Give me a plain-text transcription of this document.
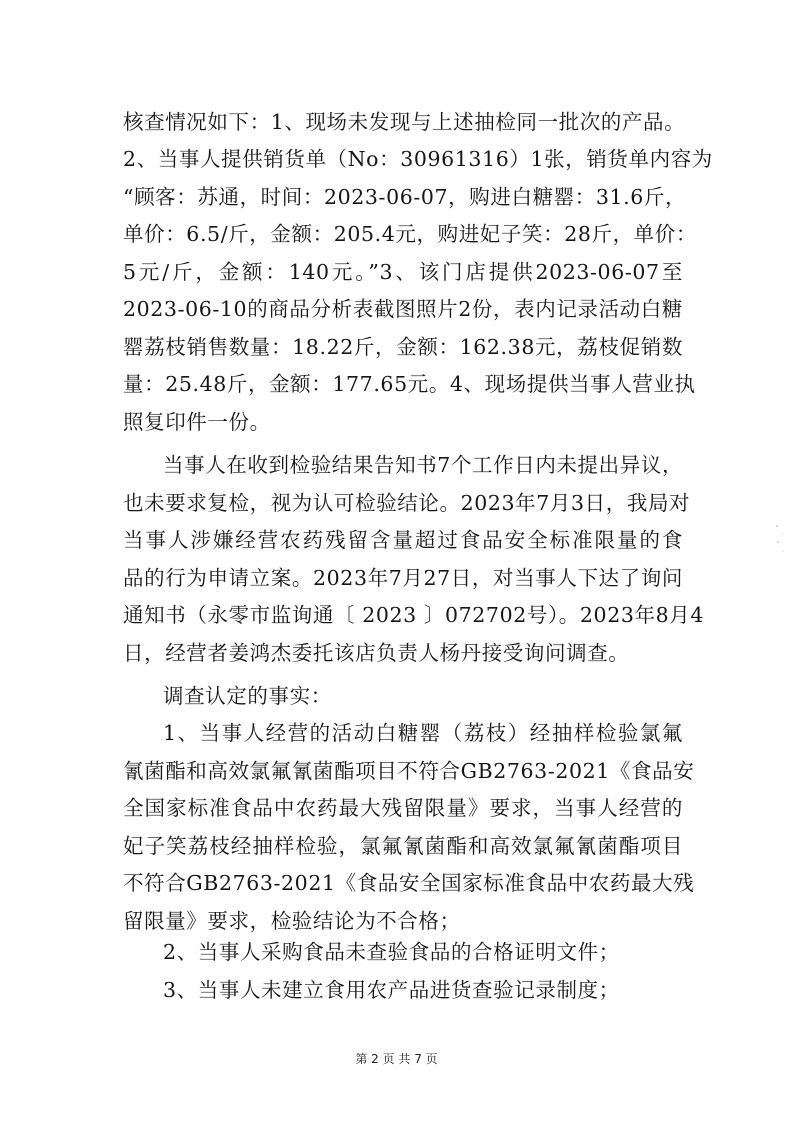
核查情况如下：1、现场未发现与上述抽检同一批次的产品。
2、当事人提供销货单（No：30961316）1张，销货单内容为
“顾客：苏通，时间：2023-06-07，购进白糖罂：31.6斤，
单价：6.5/斤，金额：205.4元，购进妃子笑：28斤，单价：
5元/斤，金额：140元。”3、该门店提供2023-06-07至
2023-06-10的商品分析表截图照片2份，表内记录活动白糖
罂荔枝销售数量：18.22斤，金额：162.38元，荔枝促销数
量：25.48斤，金额：177.65元。4、现场提供当事人营业执
照复印件一份。
当事人在收到检验结果告知书7个工作日内未提出异议，
也未要求复检，视为认可检验结论。2023年7月3日，我局对
当事人涉嫌经营农药残留含量超过食品安全标准限量的食
品的行为申请立案。2023年7月27日，对当事人下达了询问
通知书（永零市监询通〔 2023 〕072702号）。2023年8月4
日，经营者姜鸿杰委托该店负责人杨丹接受询问调查。
调查认定的事实：
1、当事人经营的活动白糖罂（荔枝）经抽样检验氯氟
氰菌酯和高效氯氟氰菌酯项目不符合GB2763-2021《食品安
全国家标准食品中农药最大残留限量》要求，当事人经营的
妃子笑荔枝经抽样检验，氯氟氰菌酯和高效氯氟氰菌酯项目
不符合GB2763-2021《食品安全国家标准食品中农药最大残
留限量》要求，检验结论为不合格；
2、当事人采购食品未查验食品的合格证明文件；
3、当事人未建立食用农产品进货查验记录制度；
第 2 页 共 7 页
